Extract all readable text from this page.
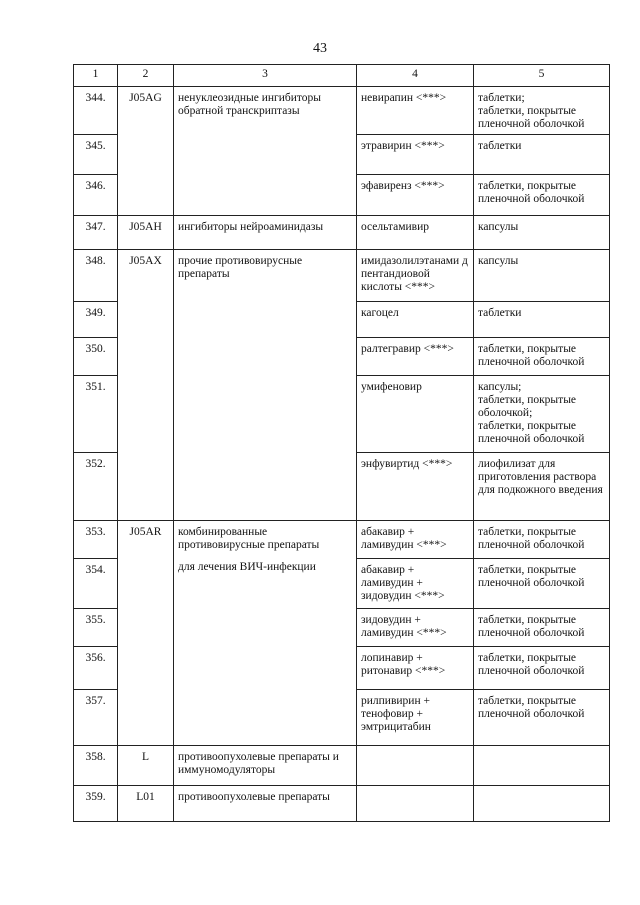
43
1	2	3	4	5
344.	J05AG	ненуклеозидные ингибиторы обратной транскриптазы	невирапин <***>	таблетки;
таблетки, покрытые пленочной оболочкой
345.			этравирин <***>	таблетки
346.			эфавиренз <***>	таблетки, покрытые пленочной оболочкой
347.	J05AH	ингибиторы нейроаминидазы	осельтамивир	капсулы
348.	J05AX	прочие противовирусные препараты	имидазолилэтанами д пентандиовой кислоты <***>	капсулы
349.			кагоцел	таблетки
350.			ралтегравир <***>	таблетки, покрытые пленочной оболочкой
351.			умифеновир	капсулы;
таблетки, покрытые оболочкой;
таблетки, покрытые пленочной оболочкой
352.			энфувиртид <***>	лиофилизат для приготовления раствора для подкожного введения
353.	J05AR	комбинированные противовирусные препараты	абакавир + ламивудин <***>	таблетки, покрытые пленочной оболочкой
354.		для лечения ВИЧ-инфекции	абакавир + ламивудин + зидовудин <***>	таблетки, покрытые пленочной оболочкой
355.			зидовудин + ламивудин <***>	таблетки, покрытые пленочной оболочкой
356.			лопинавир + ритонавир <***>	таблетки, покрытые пленочной оболочкой
357.			рилпивирин + тенофовир + эмтрицитабин	таблетки, покрытые пленочной оболочкой
358.	L	противоопухолевые препараты и иммуномодуляторы		
359.	L01	противоопухолевые препараты		
